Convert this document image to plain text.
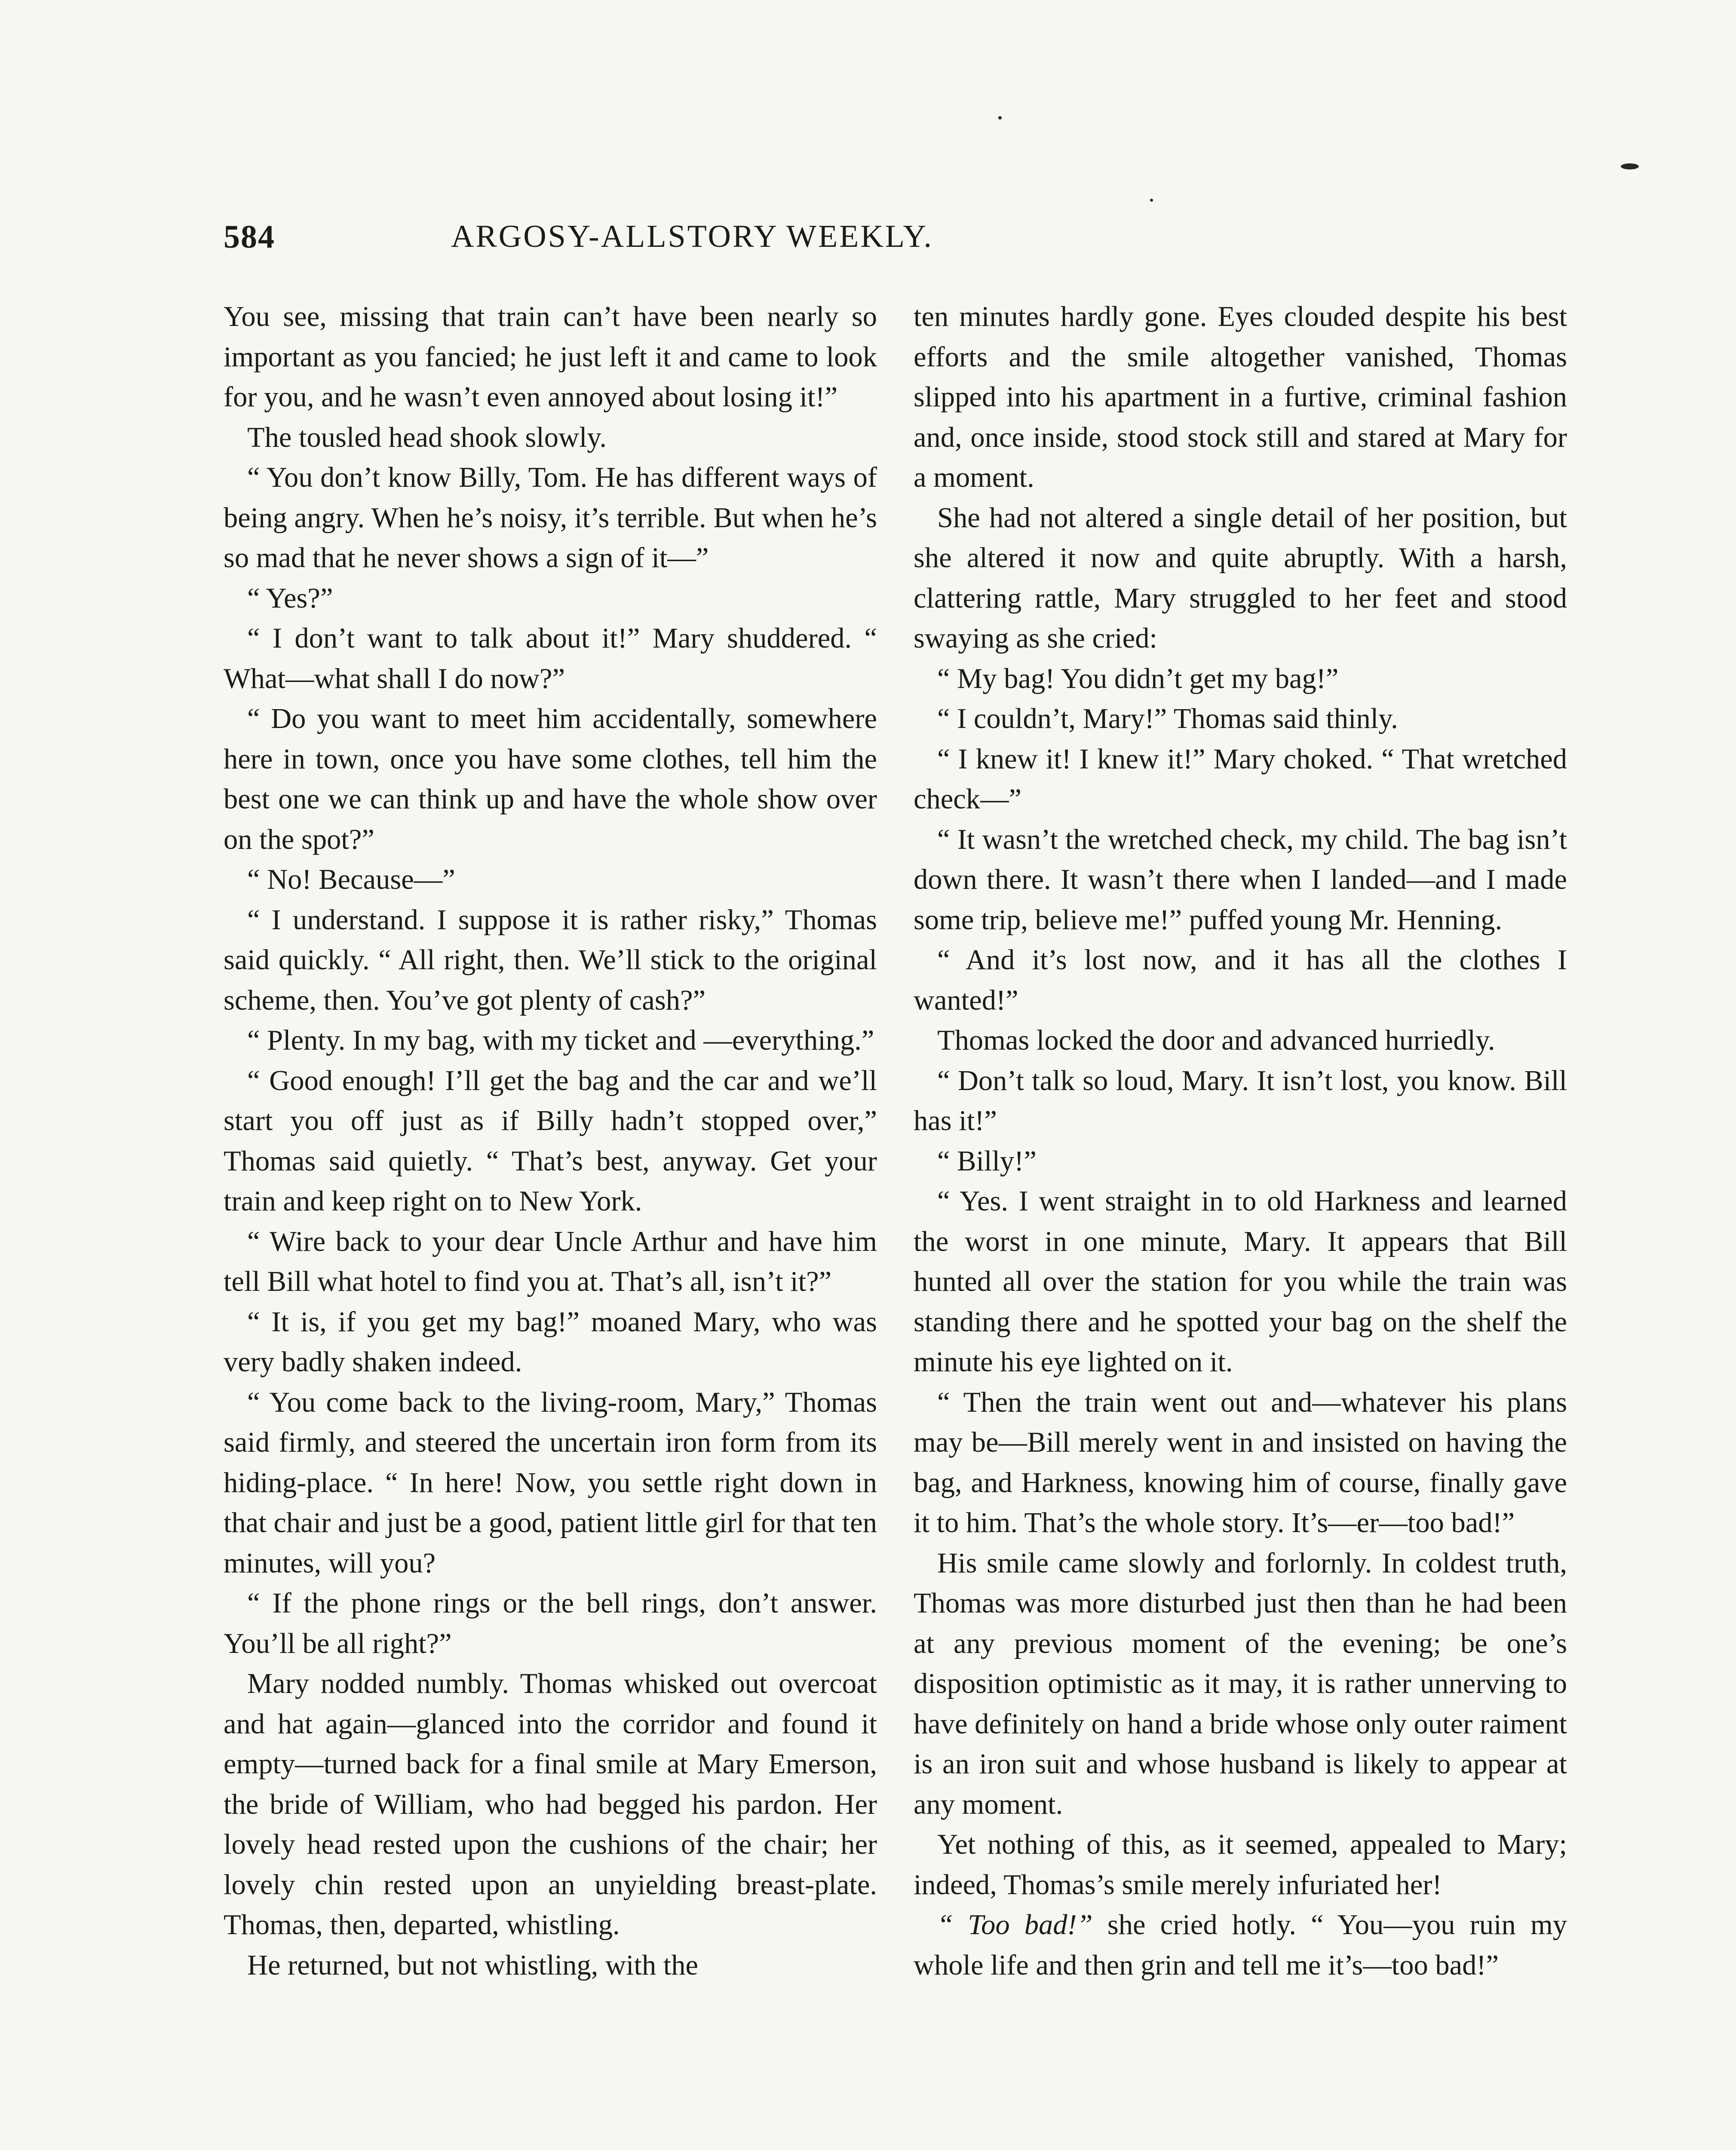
584	ARGOSY-ALLSTORY WEEKLY.

You see, missing that train can’t have been nearly so important as you fancied; he just left it and came to look for you, and he wasn’t even annoyed about losing it!”

The tousled head shook slowly.

“ You don’t know Billy, Tom. He has different ways of being angry. When he’s noisy, it’s terrible. But when he’s so mad that he never shows a sign of it—”

“ Yes?”

“ I don’t want to talk about it!” Mary shuddered. “ What—what shall I do now?”

“ Do you want to meet him accidentally, somewhere here in town, once you have some clothes, tell him the best one we can think up and have the whole show over on the spot?”

“ No! Because—”

“ I understand. I suppose it is rather risky,” Thomas said quickly. “ All right, then. We’ll stick to the original scheme, then. You’ve got plenty of cash?”

“ Plenty. In my bag, with my ticket and —everything.”

“ Good enough! I’ll get the bag and the car and we’ll start you off just as if Billy hadn’t stopped over,” Thomas said quietly. “ That’s best, anyway. Get your train and keep right on to New York.

“ Wire back to your dear Uncle Arthur and have him tell Bill what hotel to find you at. That’s all, isn’t it?”

“ It is, if you get my bag!” moaned Mary, who was very badly shaken indeed.

“ You come back to the living-room, Mary,” Thomas said firmly, and steered the uncertain iron form from its hiding-place. “ In here! Now, you settle right down in that chair and just be a good, patient little girl for that ten minutes, will you?

“ If the phone rings or the bell rings, don’t answer. You’ll be all right?”

Mary nodded numbly. Thomas whisked out overcoat and hat again—glanced into the corridor and found it empty—turned back for a final smile at Mary Emerson, the bride of William, who had begged his pardon. Her lovely head rested upon the cushions of the chair; her lovely chin rested upon an unyielding breast-plate. Thomas, then, departed, whistling.

He returned, but not whistling, with the

ten minutes hardly gone. Eyes clouded despite his best efforts and the smile altogether vanished, Thomas slipped into his apartment in a furtive, criminal fashion and, once inside, stood stock still and stared at Mary for a moment.

She had not altered a single detail of her position, but she altered it now and quite abruptly. With a harsh, clattering rattle, Mary struggled to her feet and stood swaying as she cried:

“ My bag! You didn’t get my bag!”

“ I couldn’t, Mary!” Thomas said thinly.

“ I knew it! I knew it!” Mary choked. “ That wretched check—”

“ It wasn’t the wretched check, my child. The bag isn’t down there. It wasn’t there when I landed—and I made some trip, believe me!” puffed young Mr. Henning.

“ And it’s lost now, and it has all the clothes I wanted!”

Thomas locked the door and advanced hurriedly.

“ Don’t talk so loud, Mary. It isn’t lost, you know. Bill has it!”

“ Billy!”

“ Yes. I went straight in to old Harkness and learned the worst in one minute, Mary. It appears that Bill hunted all over the station for you while the train was standing there and he spotted your bag on the shelf the minute his eye lighted on it.

“ Then the train went out and—whatever his plans may be—Bill merely went in and insisted on having the bag, and Harkness, knowing him of course, finally gave it to him. That’s the whole story. It’s—er—too bad!”

His smile came slowly and forlornly. In coldest truth, Thomas was more disturbed just then than he had been at any previous moment of the evening; be one’s disposition optimistic as it may, it is rather unnerving to have definitely on hand a bride whose only outer raiment is an iron suit and whose husband is likely to appear at any moment.

Yet nothing of this, as it seemed, appealed to Mary; indeed, Thomas’s smile merely infuriated her!

“ Too bad!” she cried hotly. “ You—you ruin my whole life and then grin and tell me it’s—too bad!”
